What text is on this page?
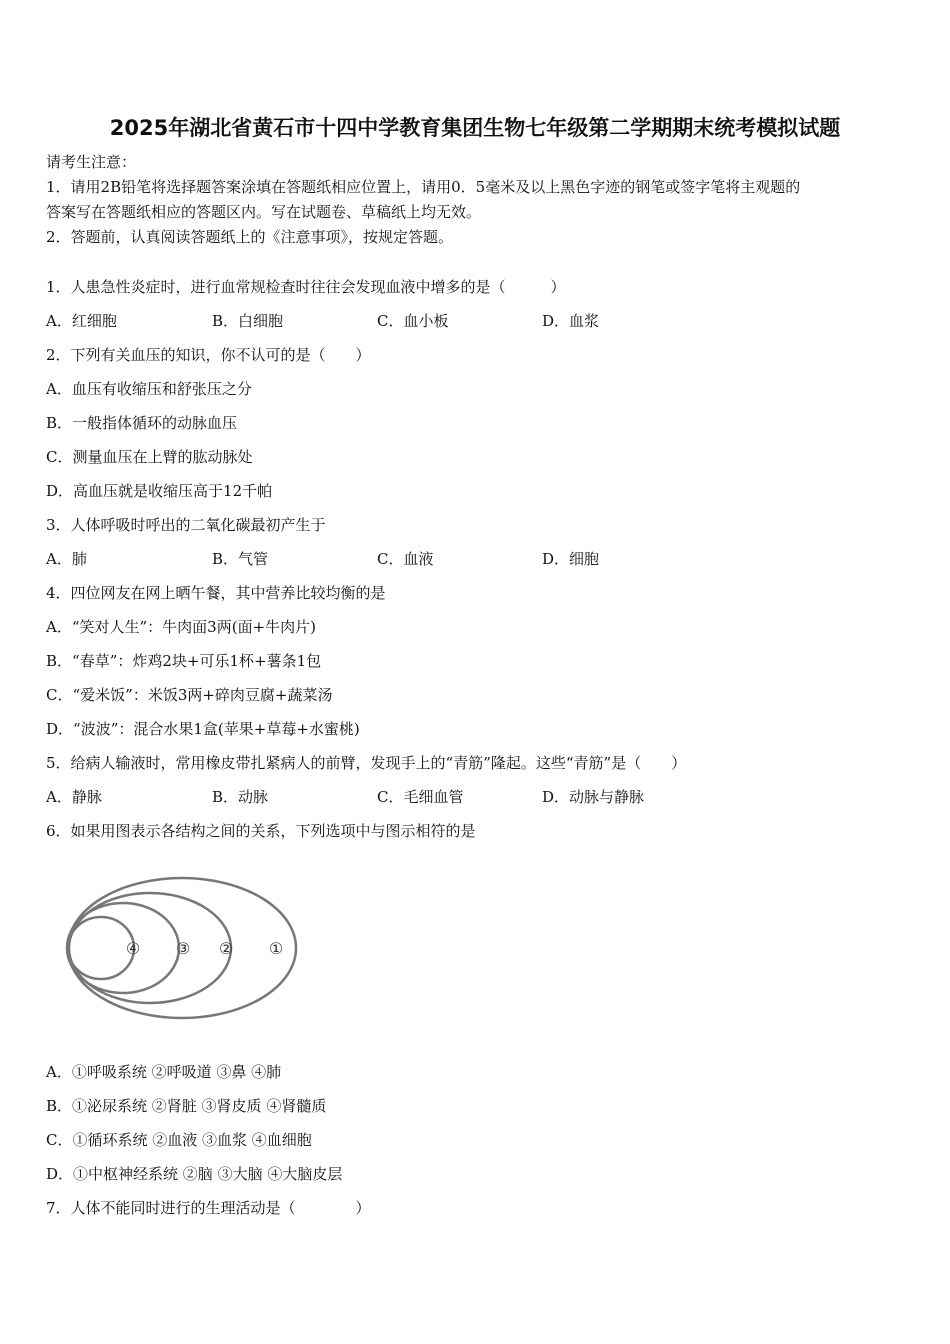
2025年湖北省黄石市十四中学教育集团生物七年级第二学期期末统考模拟试题
请考生注意：
1．请用2B铅笔将选择题答案涂填在答题纸相应位置上，请用0．5毫米及以上黑色字迹的钢笔或签字笔将主观题的
答案写在答题纸相应的答题区内。写在试题卷、草稿纸上均无效。
2．答题前，认真阅读答题纸上的《注意事项》，按规定答题。
1．人患急性炎症时，进行血常规检查时往往会发现血液中增多的是（　　　）
A．红细胞	B．白细胞	C．血小板	D．血浆
2．下列有关血压的知识，你不认可的是（　　）
A．血压有收缩压和舒张压之分
B．一般指体循环的动脉血压
C．测量血压在上臂的肱动脉处
D．高血压就是收缩压高于12千帕
3．人体呼吸时呼出的二氧化碳最初产生于
A．肺	B．气管	C．血液	D．细胞
4．四位网友在网上晒午餐，其中营养比较均衡的是
A．“笑对人生”：牛肉面3两(面+牛肉片)
B．“春草”：炸鸡2块+可乐1杯+薯条1包
C．“爱米饭”：米饭3两+碎肉豆腐+蔬菜汤
D．“波波”：混合水果1盒(苹果+草莓+水蜜桃)
5．给病人输液时，常用橡皮带扎紧病人的前臂，发现手上的“青筋”隆起。这些“青筋”是（　　）
A．静脉	B．动脉	C．毛细血管	D．动脉与静脉
6．如果用图表示各结构之间的关系，下列选项中与图示相符的是
④ ③ ② ①
A．①呼吸系统 ②呼吸道 ③鼻 ④肺
B．①泌尿系统 ②肾脏 ③肾皮质 ④肾髓质
C．①循环系统 ②血液 ③血浆 ④血细胞
D．①中枢神经系统 ②脑 ③大脑 ④大脑皮层
7．人体不能同时进行的生理活动是（　　　　）
